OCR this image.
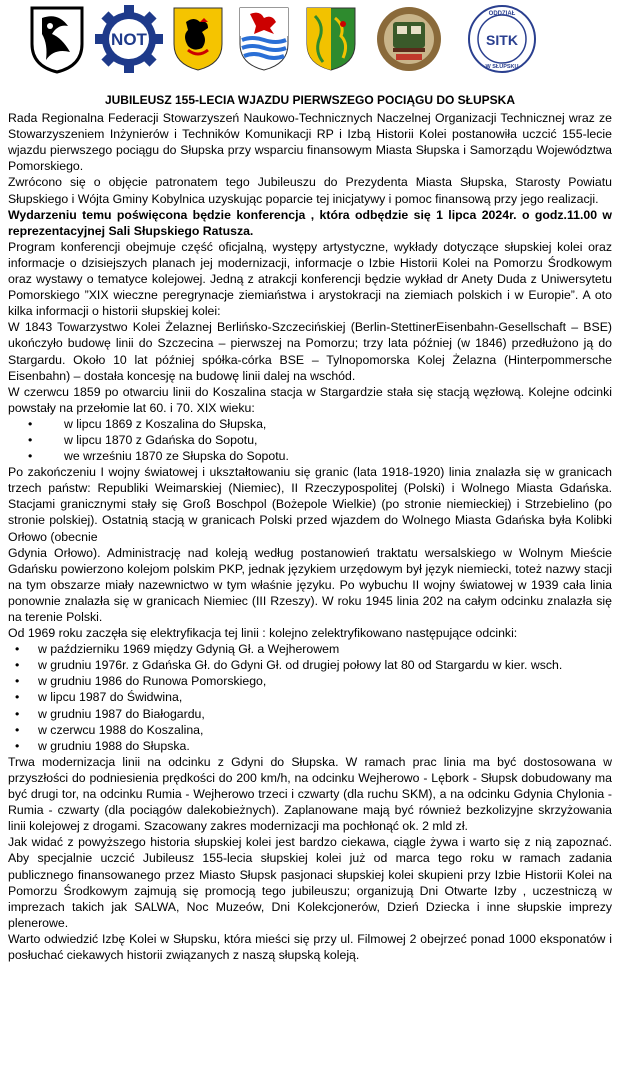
NOT
ODDZIAŁ
SITK
W SŁUPSKU
JUBILEUSZ 155-LECIA WJAZDU PIERWSZEGO POCIĄGU DO SŁUPSKA

Rada Regionalna Federacji Stowarzyszeń Naukowo-Technicznych Naczelnej Organizacji Technicznej wraz ze Stowarzyszeniem Inżynierów i Techników Komunikacji RP i Izbą Historii Kolei postanowiła uczcić 155-lecie wjazdu pierwszego pociągu do Słupska przy wsparciu finansowym Miasta Słupska i Samorządu Województwa Pomorskiego.

Zwrócono się o objęcie patronatem tego Jubileuszu do Prezydenta Miasta Słupska, Starosty Powiatu Słupskiego i Wójta Gminy Kobylnica uzyskując poparcie tej inicjatywy i pomoc finansową przy jego realizacji.

Wydarzeniu temu poświęcona będzie konferencja , która odbędzie się 1 lipca 2024r. o godz.11.00 w reprezentacyjnej Sali Słupskiego Ratusza.

Program konferencji obejmuje część oficjalną, występy artystyczne, wykłady dotyczące słupskiej kolei oraz informacje o dzisiejszych planach jej modernizacji, informacje o Izbie Historii Kolei na Pomorzu Środkowym oraz wystawy o tematyce kolejowej. Jedną z atrakcji konferencji będzie wykład dr Anety Duda z Uniwersytetu Pomorskiego ”XIX wieczne peregrynacje ziemiaństwa i arystokracji na ziemiach polskich i w Europie”. A oto kilka informacji o historii słupskiej kolei:

W 1843 Towarzystwo Kolei Żelaznej Berlińsko-Szczecińskiej (Berlin-StettinerEisenbahn-Gesellschaft – BSE) ukończyło budowę linii do Szczecina – pierwszej na Pomorzu; trzy lata później (w 1846) przedłużono ją do Stargardu. Około 10 lat później spółka-córka BSE – Tylnopomorska Kolej Żelazna (Hinterpommersche Eisenbahn) – dostała koncesję na budowę linii dalej na wschód.

W czerwcu 1859 po otwarciu linii do Koszalina stacja w Stargardzie stała się stacją węzłową. Kolejne odcinki powstały na przełomie lat 60. i 70. XIX wieku:

• w lipcu 1869 z Koszalina do Słupska,
• w lipcu 1870 z Gdańska do Sopotu,
• we wrześniu 1870 ze Słupska do Sopotu.

Po zakończeniu I wojny światowej i ukształtowaniu się granic (lata 1918-1920) linia znalazła się w granicach trzech państw: Republiki Weimarskiej (Niemiec), II Rzeczypospolitej (Polski) i Wolnego Miasta Gdańska. Stacjami granicznymi stały się Groß Boschpol (Bożepole Wielkie) (po stronie niemieckiej) i Strzebielino (po stronie polskiej). Ostatnią stacją w granicach Polski przed wjazdem do Wolnego Miasta Gdańska była Kolibki Orłowo (obecnie

Gdynia Orłowo). Administrację nad koleją według postanowień traktatu wersalskiego w Wolnym Mieście Gdańsku powierzono kolejom polskim PKP, jednak językiem urzędowym był język niemiecki, toteż nazwy stacji na tym obszarze miały nazewnictwo w tym właśnie języku. Po wybuchu II wojny światowej w 1939 cała linia ponownie znalazła się w granicach Niemiec (III Rzeszy). W roku 1945 linia 202 na całym odcinku znalazła się na terenie Polski.

Od 1969 roku zaczęła się elektryfikacja tej linii : kolejno zelektryfikowano następujące odcinki:

• w październiku 1969 między Gdynią Gł. a Wejherowem
• w grudniu 1976r. z Gdańska Gł. do Gdyni Gł. od drugiej połowy lat 80 od Stargardu w kier. wsch.
• w grudniu 1986 do Runowa Pomorskiego,
• w lipcu 1987 do Świdwina,
• w grudniu 1987 do Białogardu,
• w czerwcu 1988 do Koszalina,
• w grudniu 1988 do Słupska.

Trwa modernizacja linii na odcinku z Gdyni do Słupska. W ramach prac linia ma być dostosowana w przyszłości do podniesienia prędkości do 200 km/h, na odcinku Wejherowo - Lębork - Słupsk dobudowany ma być drugi tor, na odcinku Rumia - Wejherowo trzeci i czwarty (dla ruchu SKM), a na odcinku Gdynia Chylonia - Rumia - czwarty (dla pociągów dalekobieżnych). Zaplanowane mają być również bezkolizyjne skrzyżowania linii kolejowej z drogami. Szacowany zakres modernizacji ma pochłonąć ok. 2 mld zł.

Jak widać z powyższego historia słupskiej kolei jest bardzo ciekawa, ciągle żywa i warto się z nią zapoznać. Aby specjalnie uczcić Jubileusz 155-lecia słupskiej kolei już od marca tego roku w ramach zadania publicznego finansowanego przez Miasto Słupsk pasjonaci słupskiej kolei skupieni przy Izbie Historii Kolei na Pomorzu Środkowym zajmują się promocją tego jubileuszu; organizują Dni Otwarte Izby , uczestniczą w imprezach takich jak SALWA, Noc Muzeów, Dni Kolekcjonerów, Dzień Dziecka i inne słupskie imprezy plenerowe.

Warto odwiedzić Izbę Kolei w Słupsku, która mieści się przy ul. Filmowej 2 obejrzeć ponad 1000 eksponatów i posłuchać ciekawych historii związanych z naszą słupską koleją.
